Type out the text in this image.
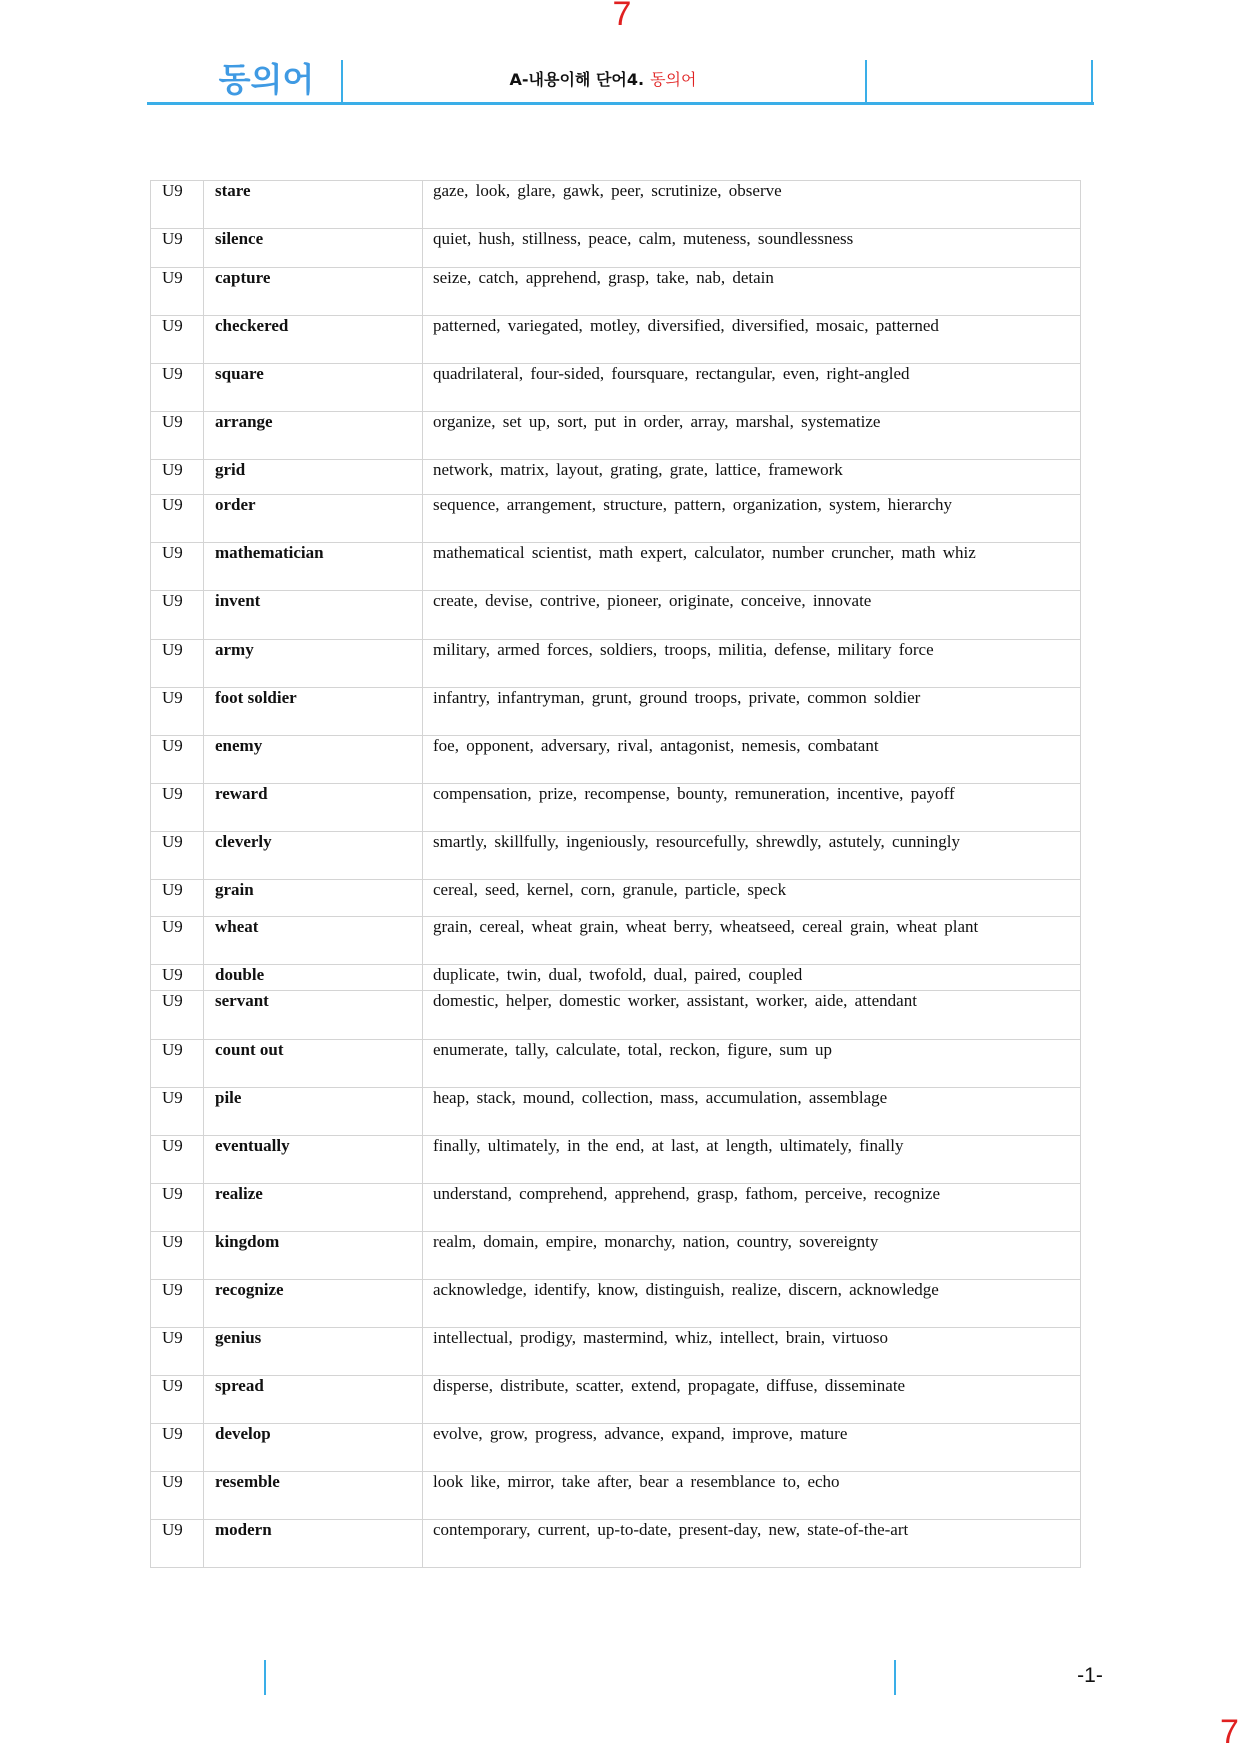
7
동의어	A-내용이해 단어4. 동의어
U9	stare	gaze, look, glare, gawk, peer, scrutinize, observe
U9	silence	quiet, hush, stillness, peace, calm, muteness, soundlessness
U9	capture	seize, catch, apprehend, grasp, take, nab, detain
U9	checkered	patterned, variegated, motley, diversified, diversified, mosaic, patterned
U9	square	quadrilateral, four-sided, foursquare, rectangular, even, right-angled
U9	arrange	organize, set up, sort, put in order, array, marshal, systematize
U9	grid	network, matrix, layout, grating, grate, lattice, framework
U9	order	sequence, arrangement, structure, pattern, organization, system, hierarchy
U9	mathematician	mathematical scientist, math expert, calculator, number cruncher, math whiz
U9	invent	create, devise, contrive, pioneer, originate, conceive, innovate
U9	army	military, armed forces, soldiers, troops, militia, defense, military force
U9	foot soldier	infantry, infantryman, grunt, ground troops, private, common soldier
U9	enemy	foe, opponent, adversary, rival, antagonist, nemesis, combatant
U9	reward	compensation, prize, recompense, bounty, remuneration, incentive, payoff
U9	cleverly	smartly, skillfully, ingeniously, resourcefully, shrewdly, astutely, cunningly
U9	grain	cereal, seed, kernel, corn, granule, particle, speck
U9	wheat	grain, cereal, wheat grain, wheat berry, wheatseed, cereal grain, wheat plant
U9	double	duplicate, twin, dual, twofold, dual, paired, coupled
U9	servant	domestic, helper, domestic worker, assistant, worker, aide, attendant
U9	count out	enumerate, tally, calculate, total, reckon, figure, sum up
U9	pile	heap, stack, mound, collection, mass, accumulation, assemblage
U9	eventually	finally, ultimately, in the end, at last, at length, ultimately, finally
U9	realize	understand, comprehend, apprehend, grasp, fathom, perceive, recognize
U9	kingdom	realm, domain, empire, monarchy, nation, country, sovereignty
U9	recognize	acknowledge, identify, know, distinguish, realize, discern, acknowledge
U9	genius	intellectual, prodigy, mastermind, whiz, intellect, brain, virtuoso
U9	spread	disperse, distribute, scatter, extend, propagate, diffuse, disseminate
U9	develop	evolve, grow, progress, advance, expand, improve, mature
U9	resemble	look like, mirror, take after, bear a resemblance to, echo
U9	modern	contemporary, current, up-to-date, present-day, new, state-of-the-art
-1-
7
